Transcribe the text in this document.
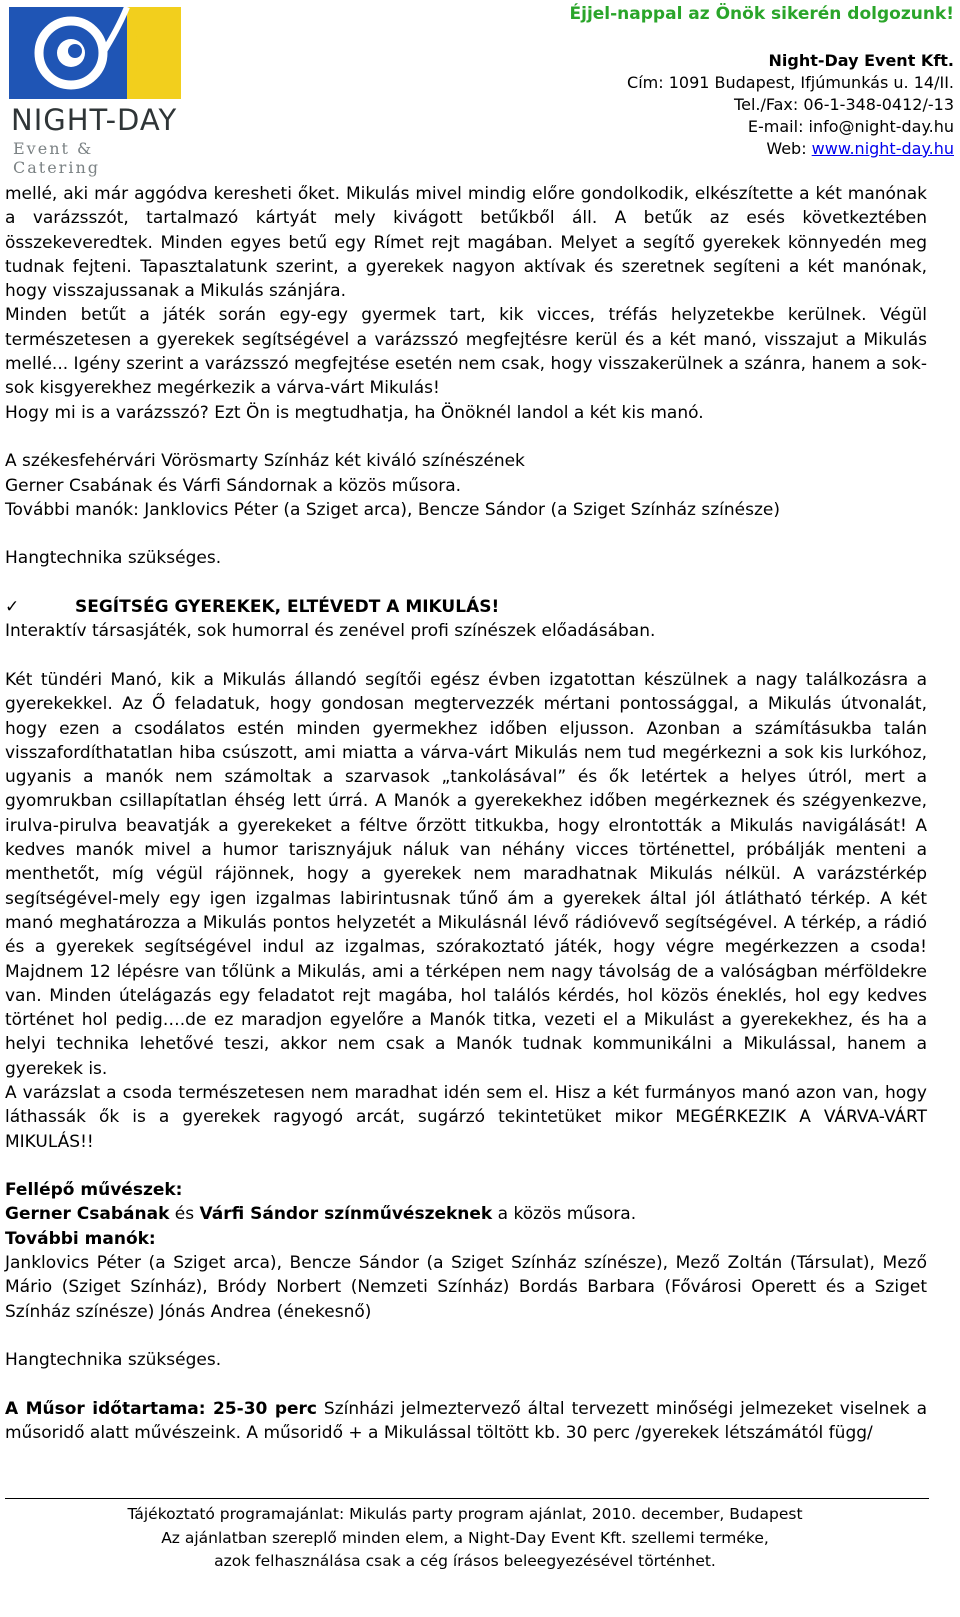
NIGHT-DAY
Event & Catering
Éjjel-nappal az Önök sikerén dolgozunk!
Night-Day Event Kft.
Cím: 1091 Budapest, Ifjúmunkás u. 14/II.
Tel./Fax: 06-1-348-0412/-13
E-mail: info@night-day.hu
Web: www.night-day.hu

mellé, aki már aggódva keresheti őket. Mikulás mivel mindig előre gondolkodik, elkészítette a két manónak a varázsszót, tartalmazó kártyát mely kivágott betűkből áll. A betűk az esés következtében összekeveredtek. Minden egyes betű egy Rímet rejt magában. Melyet a segítő gyerekek könnyedén meg tudnak fejteni. Tapasztalatunk szerint, a gyerekek nagyon aktívak és szeretnek segíteni a két manónak, hogy visszajussanak a Mikulás szánjára.

Minden betűt a játék során egy-egy gyermek tart, kik vicces, tréfás helyzetekbe kerülnek. Végül természetesen a gyerekek segítségével a varázsszó megfejtésre kerül és a két manó, visszajut a Mikulás mellé... Igény szerint a varázsszó megfejtése esetén nem csak, hogy visszakerülnek a szánra, hanem a sok-sok kisgyerekhez megérkezik a várva-várt Mikulás!

Hogy mi is a varázsszó? Ezt Ön is megtudhatja, ha Önöknél landol a két kis manó.

A székesfehérvári Vörösmarty Színház két kiváló színészének

Gerner Csabának és Várfi Sándornak a közös műsora.

További manók: Janklovics Péter (a Sziget arca), Bencze Sándor (a Sziget Színház színésze)

Hangtechnika szükséges.

✓	SEGÍTSÉG GYEREKEK, ELTÉVEDT A MIKULÁS!

Interaktív társasjáték, sok humorral és zenével profi színészek előadásában.

Két tündéri Manó, kik a Mikulás állandó segítői egész évben izgatottan készülnek a nagy találkozásra a gyerekekkel. Az Ő feladatuk, hogy gondosan megtervezzék mértani pontossággal, a Mikulás útvonalát, hogy ezen a csodálatos estén minden gyermekhez időben eljusson. Azonban a számításukba talán visszafordíthatatlan hiba csúszott, ami miatta a várva-várt Mikulás nem tud megérkezni a sok kis lurkóhoz, ugyanis a manók nem számoltak a szarvasok „tankolásával” és ők letértek a helyes útról, mert a gyomrukban csillapítatlan éhség lett úrrá. A Manók a gyerekekhez időben megérkeznek és szégyenkezve, irulva-pirulva beavatják a gyerekeket a féltve őrzött titkukba, hogy elrontották a Mikulás navigálását! A kedves manók mivel a humor tarisznyájuk náluk van néhány vicces történettel, próbálják menteni a menthetőt, míg végül rájönnek, hogy a gyerekek nem maradhatnak Mikulás nélkül. A varázstérkép segítségével-mely egy igen izgalmas labirintusnak tűnő ám a gyerekek által jól átlátható térkép. A két manó meghatározza a Mikulás pontos helyzetét a Mikulásnál lévő rádióvevő segítségével. A térkép, a rádió és a gyerekek segítségével indul az izgalmas, szórakoztató játék, hogy végre megérkezzen a csoda! Majdnem 12 lépésre van tőlünk a Mikulás, ami a térképen nem nagy távolság de a valóságban mérföldekre van. Minden útelágazás egy feladatot rejt magába, hol találós kérdés, hol közös éneklés, hol egy kedves történet hol pedig….de ez maradjon egyelőre a Manók titka, vezeti el a Mikulást a gyerekekhez, és ha a helyi technika lehetővé teszi, akkor nem csak a Manók tudnak kommunikálni a Mikulással, hanem a gyerekek is.

A varázslat a csoda természetesen nem maradhat idén sem el. Hisz a két furmányos manó azon van, hogy láthassák ők is a gyerekek ragyogó arcát, sugárzó tekintetüket mikor MEGÉRKEZIK A VÁRVA-VÁRT MIKULÁS!!

Fellépő művészek:

Gerner Csabának és Várfi Sándor színművészeknek a közös műsora.

További manók:

Janklovics Péter (a Sziget arca), Bencze Sándor (a Sziget Színház színésze), Mező Zoltán (Társulat), Mező Mário (Sziget Színház), Bródy Norbert (Nemzeti Színház) Bordás Barbara (Fővárosi Operett és a Sziget Színház színésze) Jónás Andrea (énekesnő)

Hangtechnika szükséges.

A Műsor időtartama: 25-30 perc Színházi jelmeztervező által tervezett minőségi jelmezeket viselnek a műsoridő alatt művészeink. A műsoridő + a Mikulással töltött kb. 30 perc /gyerekek létszámától függ/

Tájékoztató programajánlat: Mikulás party program ajánlat, 2010. december, Budapest
Az ajánlatban szereplő minden elem, a Night-Day Event Kft. szellemi terméke,
azok felhasználása csak a cég írásos beleegyezésével történhet.
